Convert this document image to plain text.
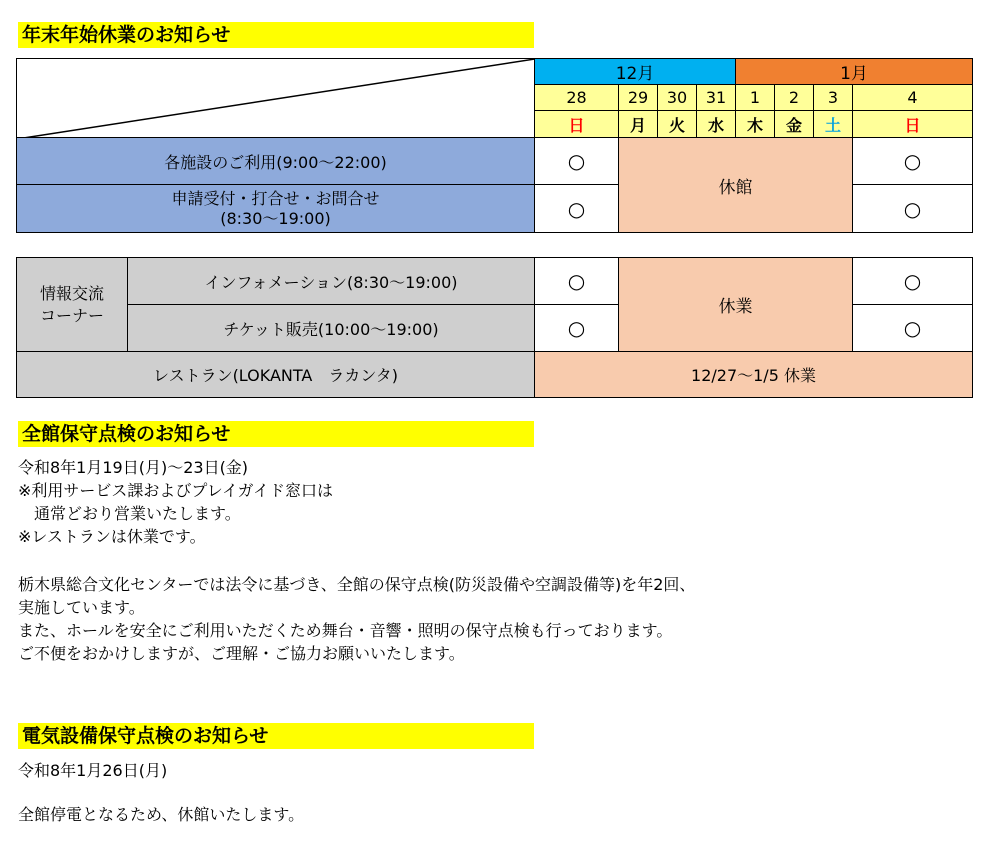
年末年始休業のお知らせ
	12月				1月			
	28	29	30	31	1	2	3	4
	日	月	火	水	木	金	土	日
各施設のご利用(9:00～22:00)	○	休館						○

申請受付・打合せ・お問合せ
(8:30～19:00)	○							○
情報交流
コーナー	インフォメーション(8:30～19:00)	○	休業	○
	チケット販売(10:00～19:00)	○		○
レストラン(LOKANTA　ラカンタ)		12/27～1/5 休業		
全館保守点検のお知らせ
令和8年1月19日(月)～23日(金)
※利用サービス課およびプレイガイド窓口は
　通常どおり営業いたします。
※レストランは休業です。
栃木県総合文化センターでは法令に基づき、全館の保守点検(防災設備や空調設備等)を年2回、
実施しています。
また、ホールを安全にご利用いただくため舞台・音響・照明の保守点検も行っております。
ご不便をおかけしますが、ご理解・ご協力お願いいたします。
電気設備保守点検のお知らせ
令和8年1月26日(月)
全館停電となるため、休館いたします。
